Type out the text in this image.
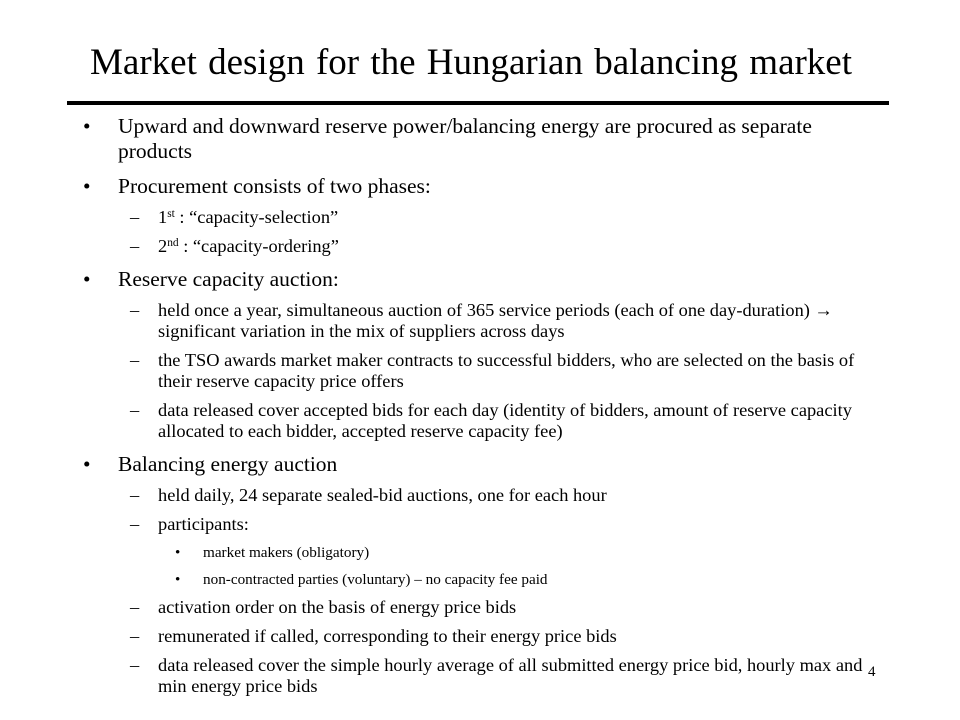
Market design for the Hungarian balancing market
• Upward and downward reserve power/balancing energy are procured as separate products
• Procurement consists of two phases:
– 1st : “capacity-selection”
– 2nd : “capacity-ordering”
• Reserve capacity auction:
– held once a year, simultaneous auction of 365 service periods (each of one day-duration) → significant variation in the mix of suppliers across days
– the TSO awards market maker contracts to successful bidders, who are selected on the basis of their reserve capacity price offers
– data released cover accepted bids for each day (identity of bidders, amount of reserve capacity allocated to each bidder, accepted reserve capacity fee)
• Balancing energy auction
– held daily, 24 separate sealed-bid auctions, one for each hour
– participants:
• market makers (obligatory)
• non-contracted parties (voluntary) – no capacity fee paid
– activation order on the basis of energy price bids
– remunerated if called, corresponding to their energy price bids
– data released cover the simple hourly average of all submitted energy price bid, hourly max and min energy price bids
4
